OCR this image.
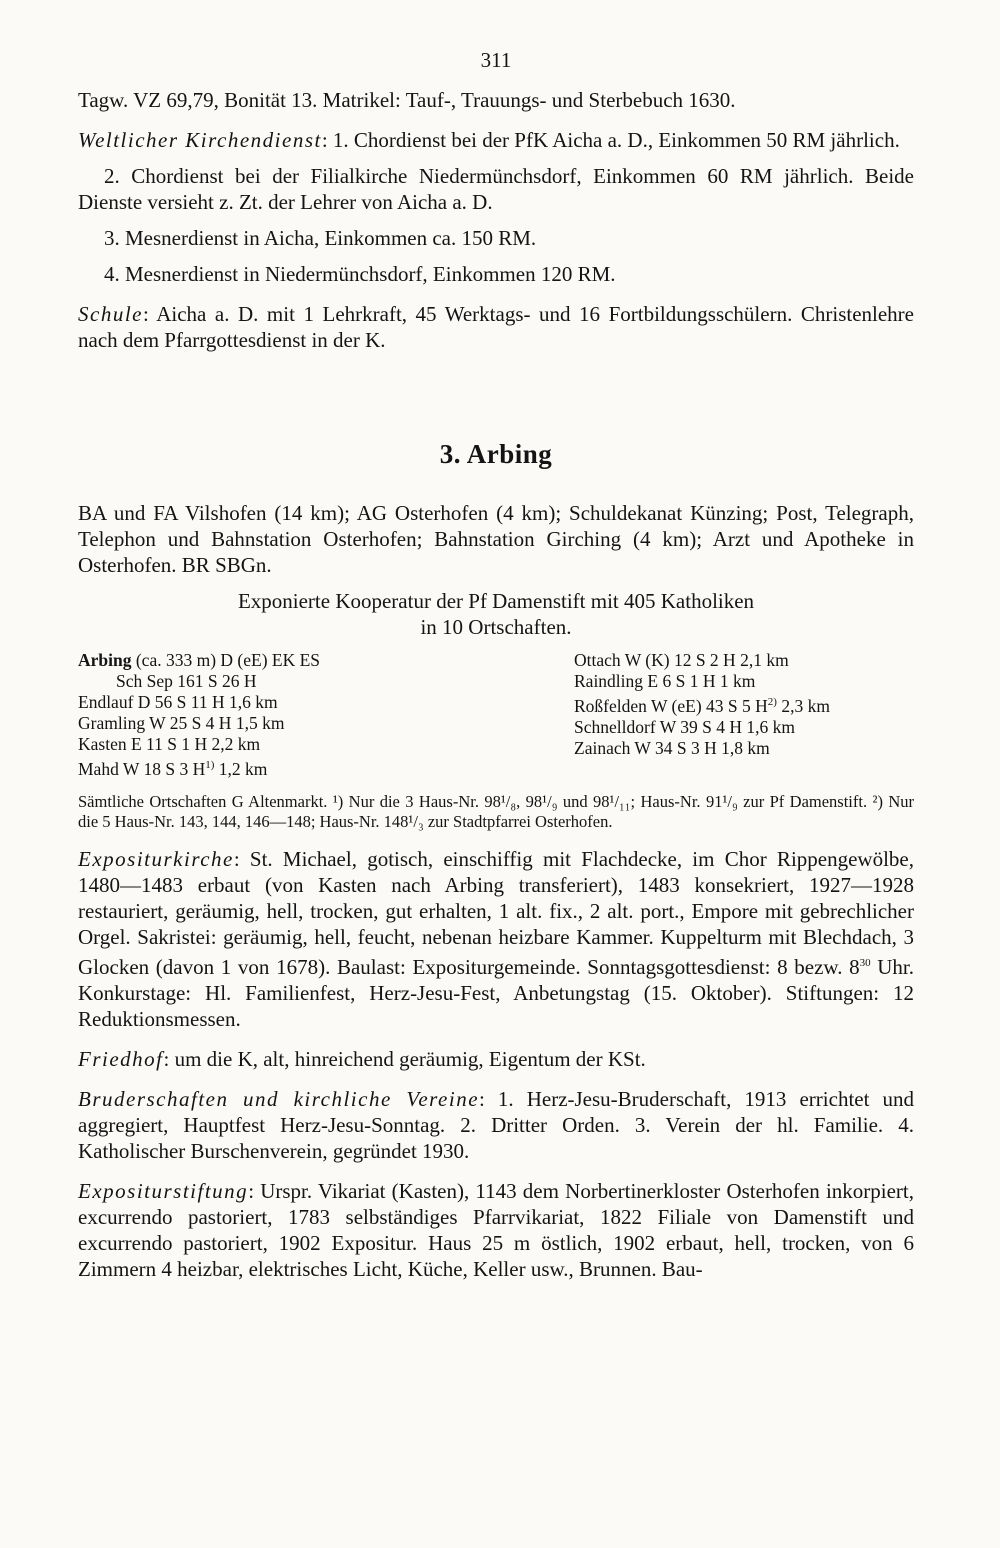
311

Tagw. VZ 69,79, Bonität 13. Matrikel: Tauf-, Trauungs- und Sterbebuch 1630.

Weltlicher Kirchendienst: 1. Chordienst bei der PfK Aicha a. D., Einkommen 50 RM jährlich.

2. Chordienst bei der Filialkirche Niedermünchsdorf, Einkommen 60 RM jährlich. Beide Dienste versieht z. Zt. der Lehrer von Aicha a. D.

3. Mesnerdienst in Aicha, Einkommen ca. 150 RM.

4. Mesnerdienst in Niedermünchsdorf, Einkommen 120 RM.

Schule: Aicha a. D. mit 1 Lehrkraft, 45 Werktags- und 16 Fortbildungsschülern. Christenlehre nach dem Pfarrgottesdienst in der K.

3. Arbing

BA und FA Vilshofen (14 km); AG Osterhofen (4 km); Schuldekanat Künzing; Post, Telegraph, Telephon und Bahnstation Osterhofen; Bahnstation Girching (4 km); Arzt und Apotheke in Osterhofen. BR SBGn.

Exponierte Kooperatur der Pf Damenstift mit 405 Katholiken
in 10 Ortschaften.
Arbing (ca. 333 m) D (eE) EK ES
Sch Sep 161 S 26 H
Endlauf D 56 S 11 H 1,6 km
Gramling W 25 S 4 H 1,5 km
Kasten E 11 S 1 H 2,2 km
Mahd W 18 S 3 $H^{1)}$ 1,2 km
Ottach W (K) 12 S 2 H 2,1 km
Raindling E 6 S 1 H 1 km
Roßfelden W (eE) 43 S 5 $H^{2)}$ 2,3 km
Schnelldorf W 39 S 4 H 1,6 km
Zainach W 34 S 3 H 1,8 km

Sämtliche Ortschaften G Altenmarkt. ¹) Nur die 3 Haus-Nr. 98¹/₈, 98¹/₉ und 98¹/₁₁; Haus-Nr. 91¹/₉ zur Pf Damenstift. ²) Nur die 5 Haus-Nr. 143, 144, 146—148; Haus-Nr. 148¹/₃ zur Stadtpfarrei Osterhofen.

Expositurkirche: St. Michael, gotisch, einschiffig mit Flachdecke, im Chor Rippengewölbe, 1480—1483 erbaut (von Kasten nach Arbing transferiert), 1483 konsekriert, 1927—1928 restauriert, geräumig, hell, trocken, gut erhalten, 1 alt. fix., 2 alt. port., Empore mit gebrechlicher Orgel. Sakristei: geräumig, hell, feucht, nebenan heizbare Kammer. Kuppelturm mit Blechdach, 3 Glocken (davon 1 von 1678). Baulast: Expositurgemeinde. Sonntagsgottesdienst: 8 bezw. $8^{30}$ Uhr. Konkurstage: Hl. Familienfest, Herz-Jesu-Fest, Anbetungstag (15. Oktober). Stiftungen: 12 Reduktionsmessen.

Friedhof: um die K, alt, hinreichend geräumig, Eigentum der KSt.

Bruderschaften und kirchliche Vereine: 1. Herz-Jesu-Bruderschaft, 1913 errichtet und aggregiert, Hauptfest Herz-Jesu-Sonntag. 2. Dritter Orden. 3. Verein der hl. Familie. 4. Katholischer Burschenverein, gegründet 1930.

Expositurstiftung: Urspr. Vikariat (Kasten), 1143 dem Norbertinerkloster Osterhofen inkorpiert, excurrendo pastoriert, 1783 selbständiges Pfarrvikariat, 1822 Filiale von Damenstift und excurrendo pastoriert, 1902 Expositur. Haus 25 m östlich, 1902 erbaut, hell, trocken, von 6 Zimmern 4 heizbar, elektrisches Licht, Küche, Keller usw., Brunnen. Bau-
